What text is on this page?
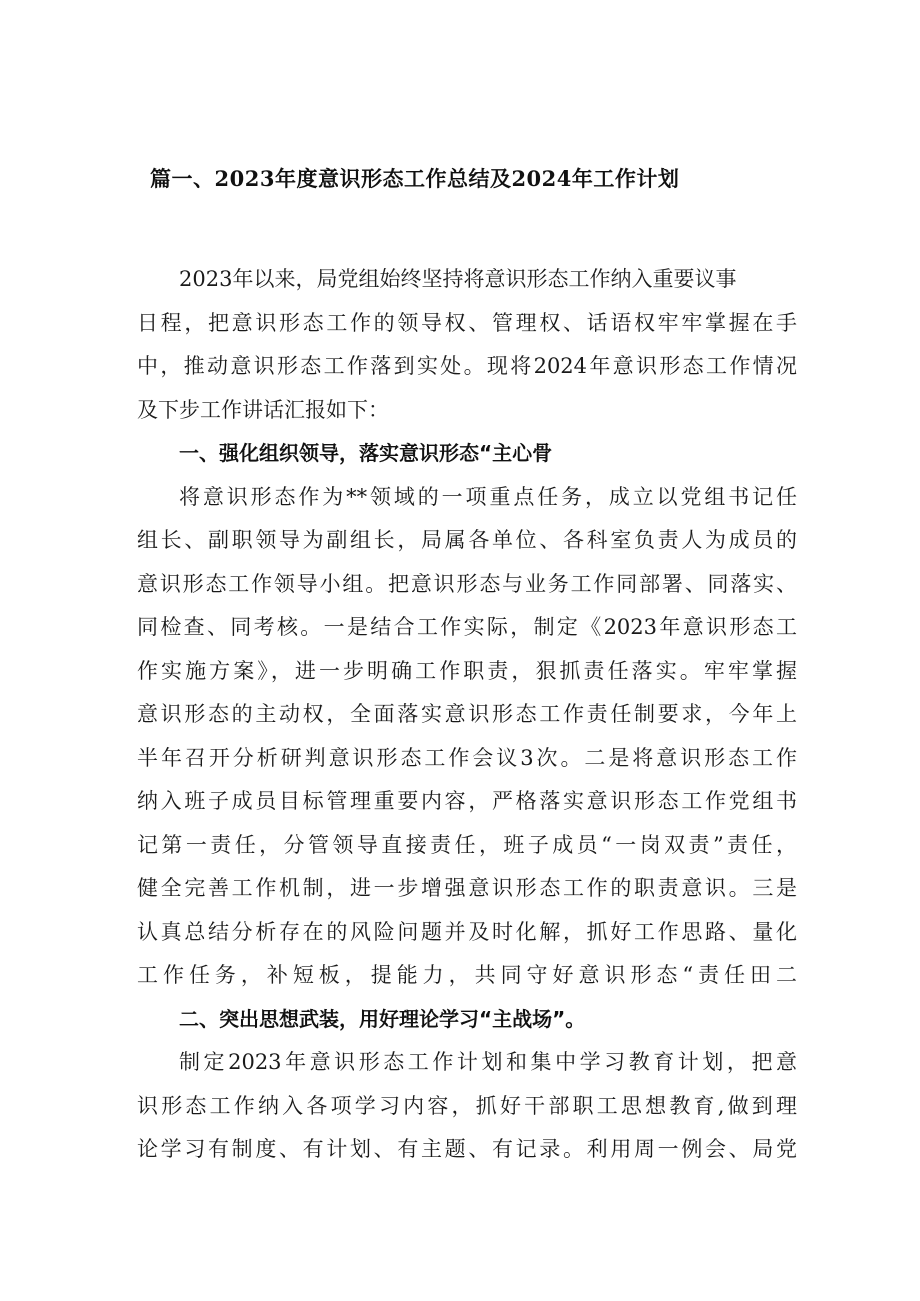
篇一、2023年度意识形态工作总结及2024年工作计划
2023年以来，局党组始终坚持将意识形态工作纳入重要议事
日程，把意识形态工作的领导权、管理权、话语权牢牢掌握在手
中，推动意识形态工作落到实处。现将2024年意识形态工作情况
及下步工作讲话汇报如下：
一、强化组织领导，落实意识形态“主心骨
将意识形态作为**领域的一项重点任务，成立以党组书记任
组长、副职领导为副组长，局属各单位、各科室负责人为成员的
意识形态工作领导小组。把意识形态与业务工作同部署、同落实、
同检查、同考核。一是结合工作实际，制定《2023年意识形态工
作实施方案》，进一步明确工作职责，狠抓责任落实。牢牢掌握
意识形态的主动权，全面落实意识形态工作责任制要求，今年上
半年召开分析研判意识形态工作会议3次。二是将意识形态工作
纳入班子成员目标管理重要内容，严格落实意识形态工作党组书
记第一责任，分管领导直接责任，班子成员“一岗双责”责任，
健全完善工作机制，进一步增强意识形态工作的职责意识。三是
认真总结分析存在的风险问题并及时化解，抓好工作思路、量化
工作任务，补短板，提能力，共同守好意识形态“责任田二
二、突出思想武装，用好理论学习“主战场”。
制定2023年意识形态工作计划和集中学习教育计划，把意
识形态工作纳入各项学习内容，抓好干部职工思想教育,做到理
论学习有制度、有计划、有主题、有记录。利用周一例会、局党
